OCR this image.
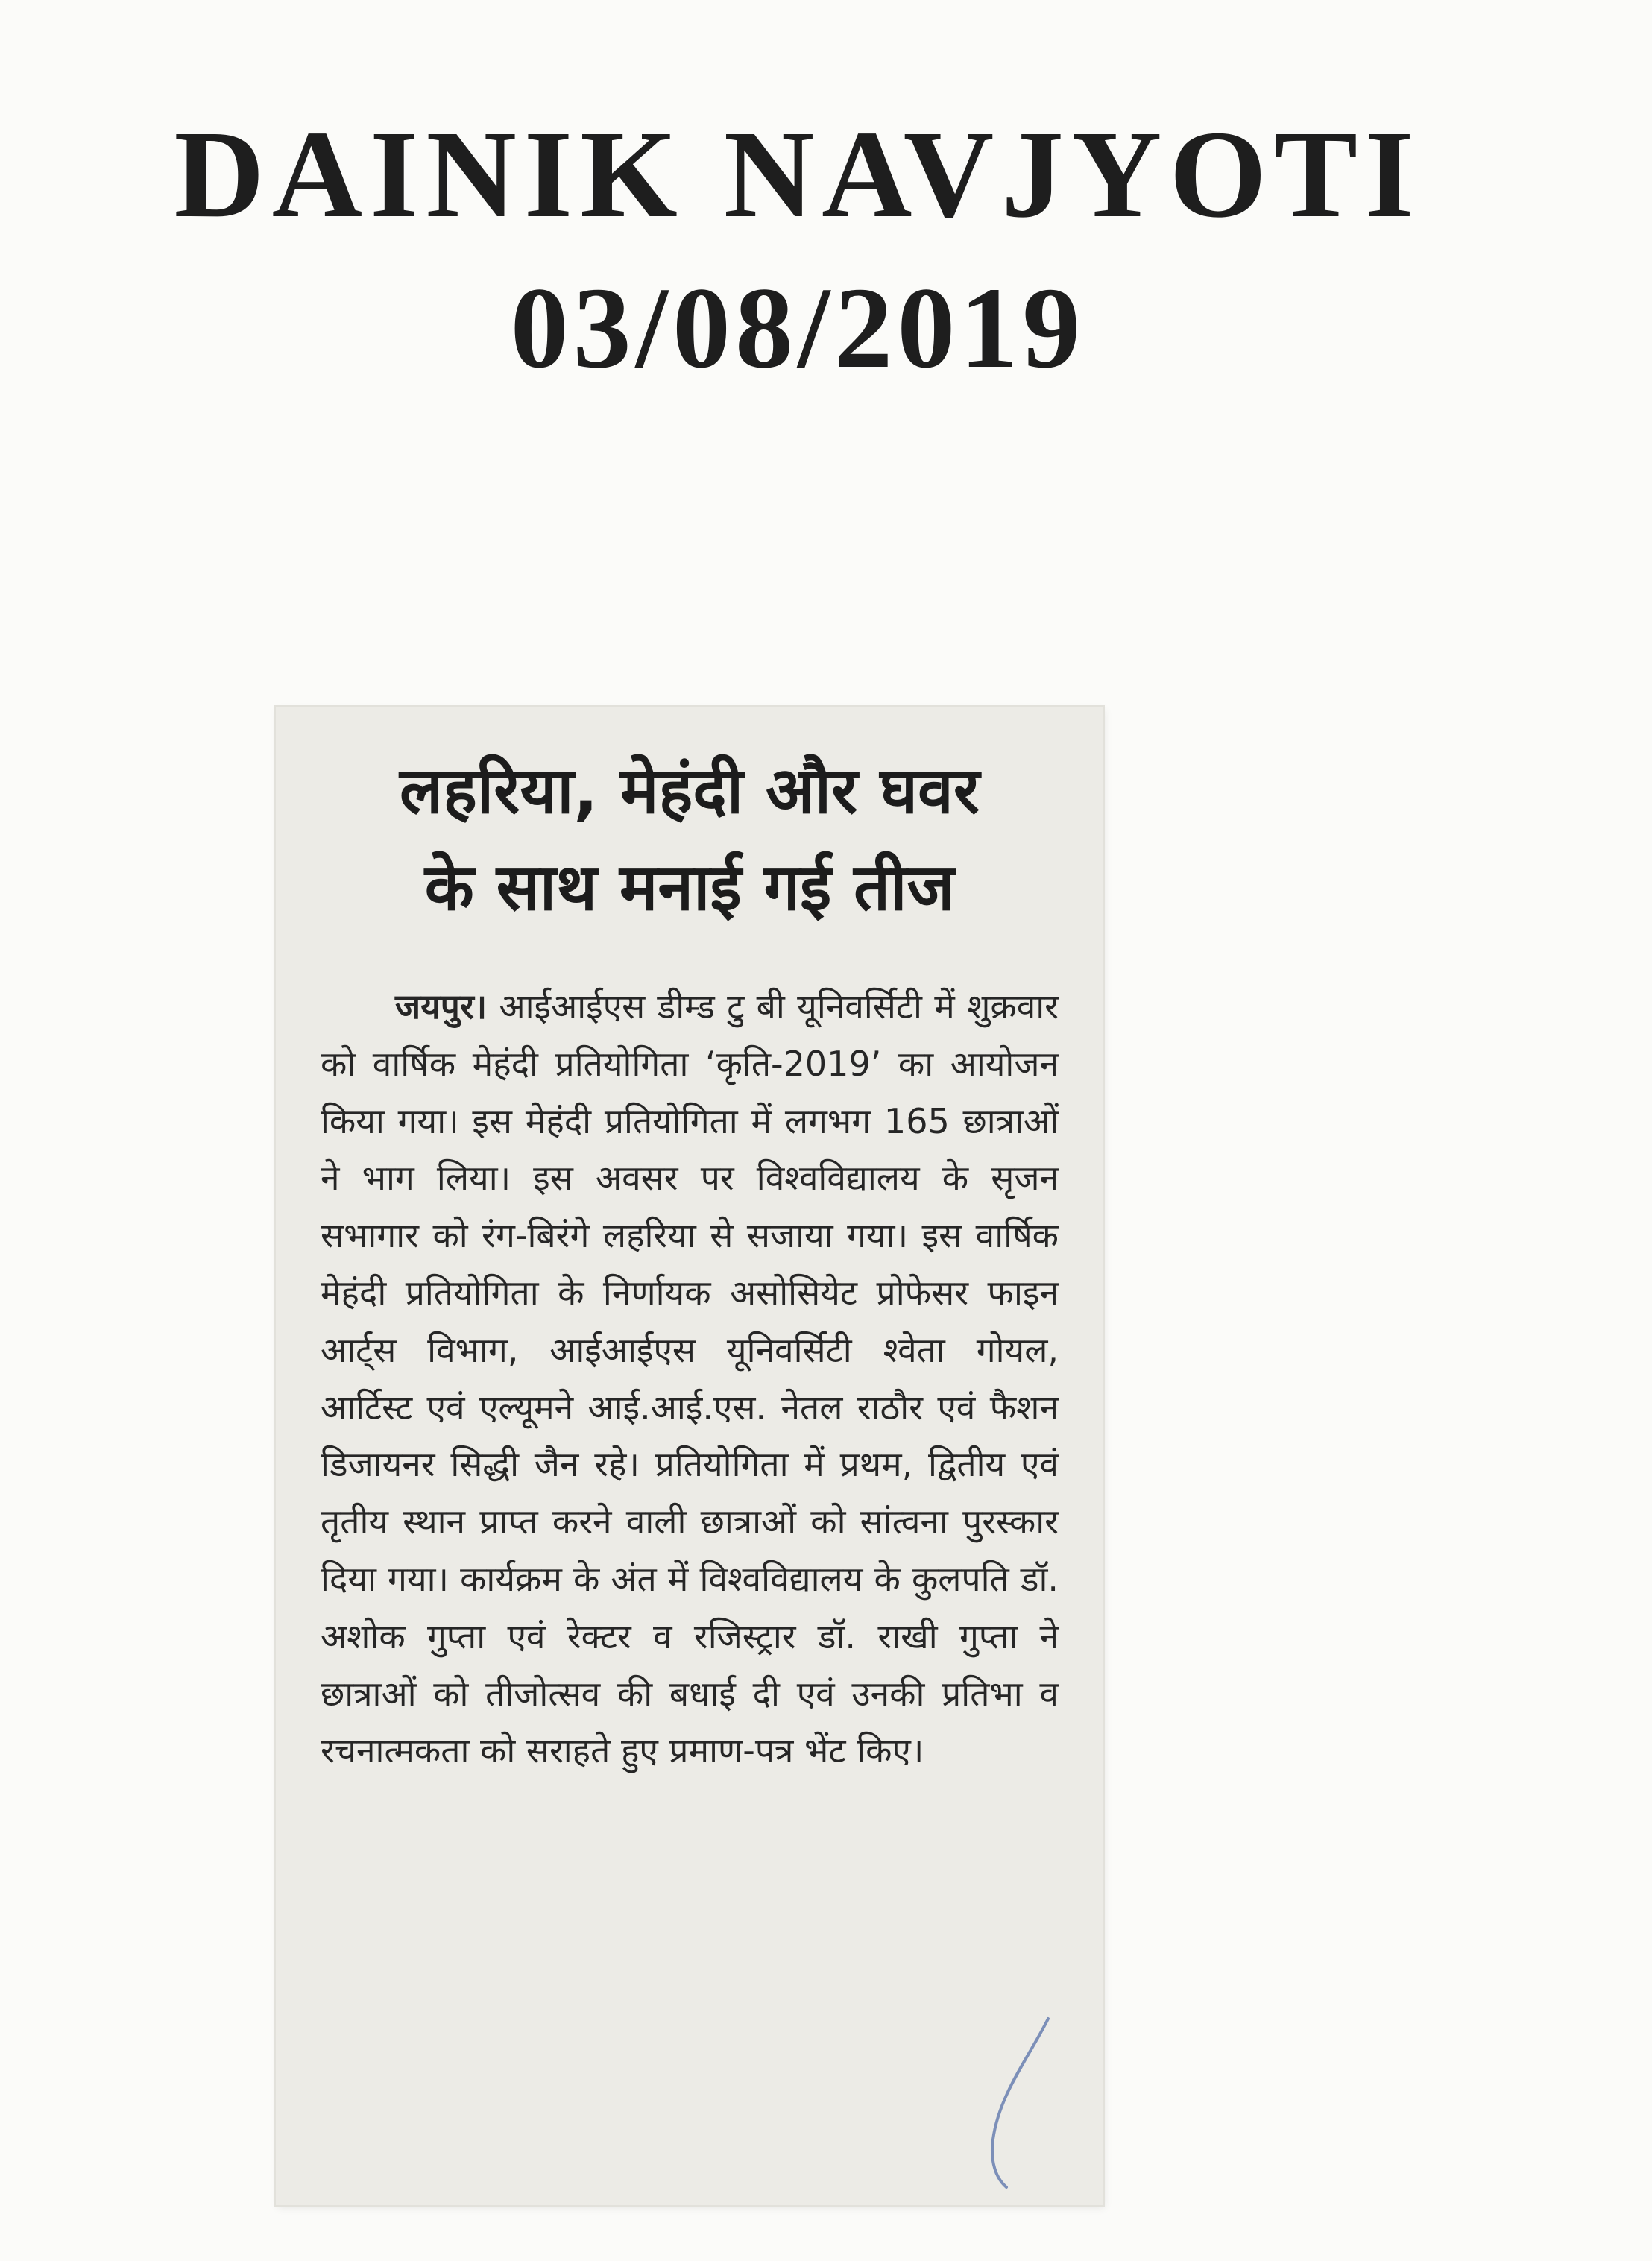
DAINIK NAVJYOTI
03/08/2019
लहरिया, मेहंदी और घवर
के साथ मनाई गई तीज

जयपुर। आईआईएस डीम्ड टु बी यूनिवर्सिटी में शुक्रवार को वार्षिक मेहंदी प्रतियोगिता ‘कृति-2019’ का आयोजन किया गया। इस मेहंदी प्रतियोगिता में लगभग 165 छात्राओं ने भाग लिया। इस अवसर पर विश्वविद्यालय के सृजन सभागार को रंग-बिरंगे लहरिया से सजाया गया। इस वार्षिक मेहंदी प्रतियोगिता के निर्णायक असोसियेट प्रोफेसर फाइन आर्ट्स विभाग, आईआईएस यूनिवर्सिटी श्वेता गोयल, आर्टिस्ट एवं एल्यूमने आई.आई.एस. नेतल राठौर एवं फैशन डिजायनर सिद्धी जैन रहे। प्रतियोगिता में प्रथम, द्वितीय एवं तृतीय स्थान प्राप्त करने वाली छात्राओं को सांत्वना पुरस्कार दिया गया। कार्यक्रम के अंत में विश्वविद्यालय के कुलपति डॉ. अशोक गुप्ता एवं रेक्टर व रजिस्ट्रार डॉ. राखी गुप्ता ने छात्राओं को तीजोत्सव की बधाई दी एवं उनकी प्रतिभा व रचनात्मकता को सराहते हुए प्रमाण-पत्र भेंट किए।
